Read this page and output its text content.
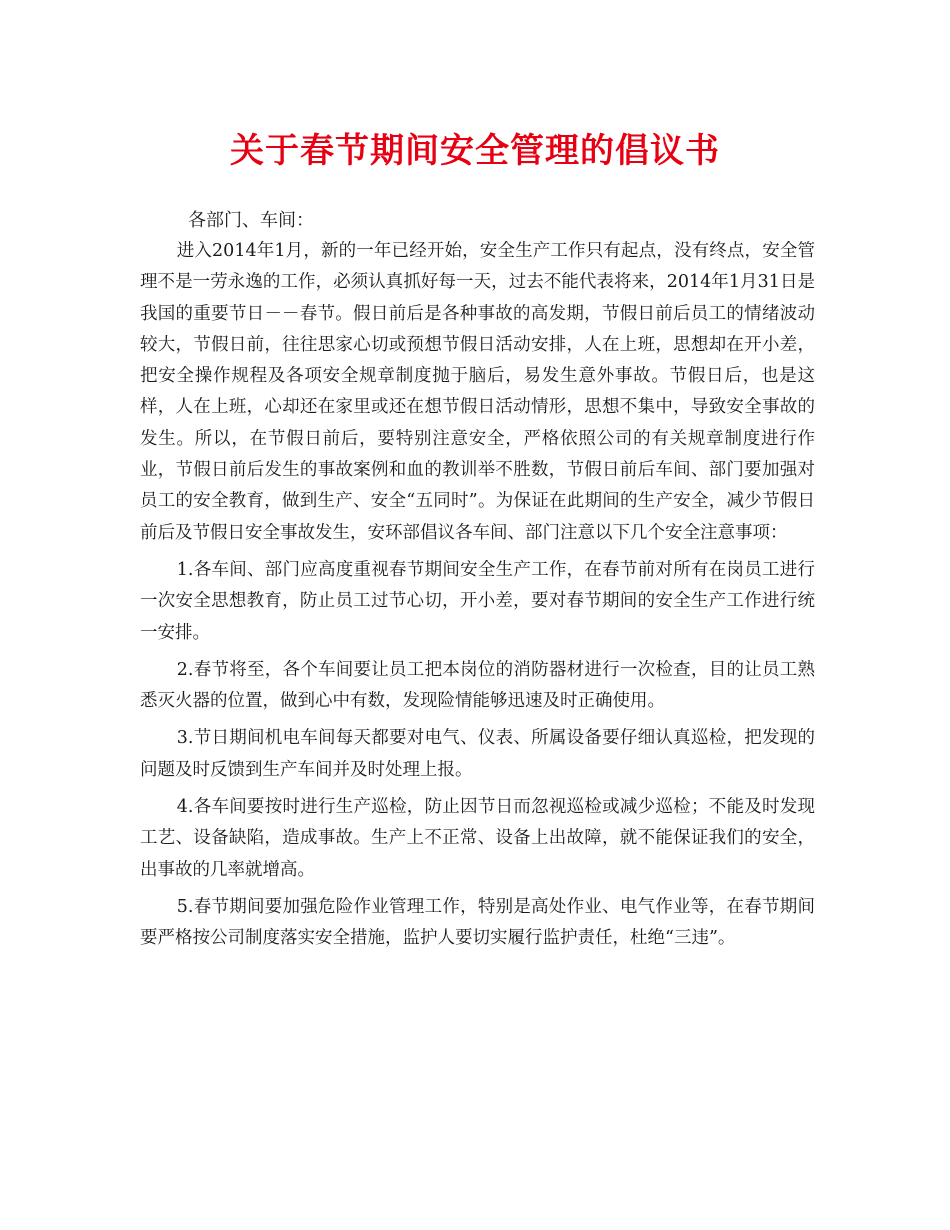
关于春节期间安全管理的倡议书
各部门、车间：

进入2014年1月，新的一年已经开始，安全生产工作只有起点，没有终点，安全管理不是一劳永逸的工作，必须认真抓好每一天，过去不能代表将来，2014年1月31日是我国的重要节日－－春节。假日前后是各种事故的高发期，节假日前后员工的情绪波动较大，节假日前，往往思家心切或预想节假日活动安排，人在上班，思想却在开小差，把安全操作规程及各项安全规章制度抛于脑后，易发生意外事故。节假日后，也是这样，人在上班，心却还在家里或还在想节假日活动情形，思想不集中，导致安全事故的发生。所以，在节假日前后，要特别注意安全，严格依照公司的有关规章制度进行作业，节假日前后发生的事故案例和血的教训举不胜数，节假日前后车间、部门要加强对员工的安全教育，做到生产、安全“五同时”。为保证在此期间的生产安全，减少节假日前后及节假日安全事故发生，安环部倡议各车间、部门注意以下几个安全注意事项：

1.各车间、部门应高度重视春节期间安全生产工作，在春节前对所有在岗员工进行一次安全思想教育，防止员工过节心切，开小差，要对春节期间的安全生产工作进行统一安排。

2.春节将至，各个车间要让员工把本岗位的消防器材进行一次检查，目的让员工熟悉灭火器的位置，做到心中有数，发现险情能够迅速及时正确使用。

3.节日期间机电车间每天都要对电气、仪表、所属设备要仔细认真巡检，把发现的问题及时反馈到生产车间并及时处理上报。

4.各车间要按时进行生产巡检，防止因节日而忽视巡检或减少巡检；不能及时发现工艺、设备缺陷，造成事故。生产上不正常、设备上出故障，就不能保证我们的安全，出事故的几率就增高。

5.春节期间要加强危险作业管理工作，特别是高处作业、电气作业等，在春节期间要严格按公司制度落实安全措施，监护人要切实履行监护责任，杜绝“三违”。
